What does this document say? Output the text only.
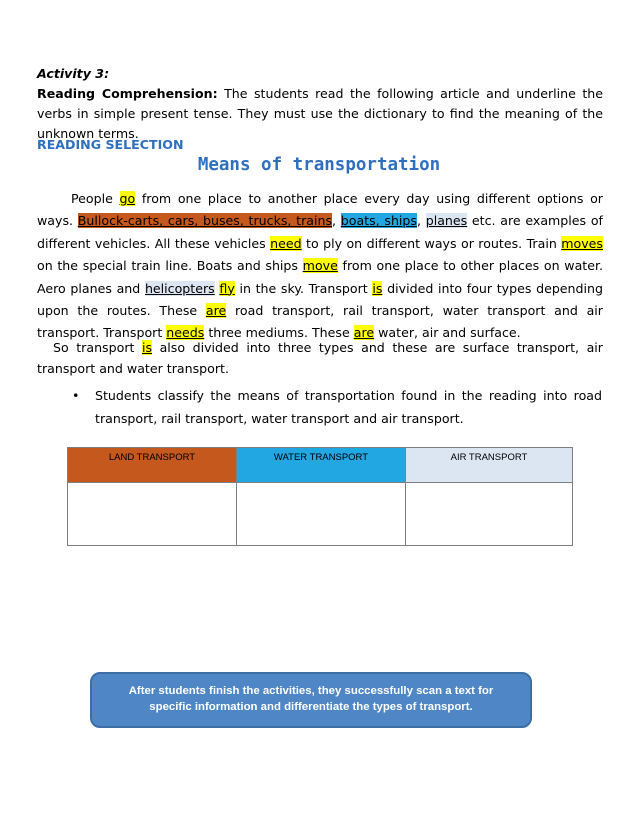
Activity 3:
Reading Comprehension: The students read the following article and underline the verbs in simple present tense. They must use the dictionary to find the meaning of the unknown terms.
READING SELECTION
Means of transportation
People go from one place to another place every day using different options or ways. Bullock-carts, cars, buses, trucks, trains, boats, ships, planes etc. are examples of different vehicles. All these vehicles need to ply on different ways or routes. Train moves on the special train line. Boats and ships move from one place to other places on water. Aero planes and helicopters fly in the sky. Transport is divided into four types depending upon the routes. These are road transport, rail transport, water transport and air transport. Transport needs three mediums. These are water, air and surface.
So transport is also divided into three types and these are surface transport, air transport and water transport.
• Students classify the means of transportation found in the reading into road transport, rail transport, water transport and air transport.
LAND TRANSPORT	WATER TRANSPORT	AIR TRANSPORT

After students finish the activities, they successfully scan a text for specific information and differentiate the types of transport.
